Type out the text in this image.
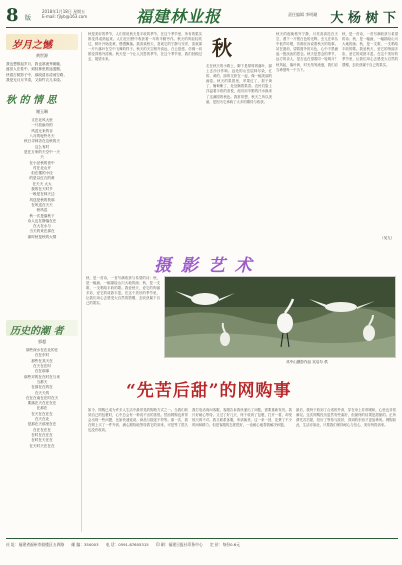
8 版
2018年1月18日 星期五
E-mail: fjlyb@163.com	福建林业报	责任编辑 李明珊 大 杨 树 下
岁月之憾
黄世源
我也想推起岁月，我也寒流秀朝榆，
盛世人在桂中，到桂林里旅途遗憾，
快看古树影子中，那段清乐清汤空路，
我是无月月节清，又如竹衣几本绕。
秋 的 情 思
谢玉琳
又在北风大里
一只放扁舟的
风送无来的谷
八月的驼铃冬天
秋日寻林杏在这秋的天
这么有时
是在万家的天空中一天
天
在小径秋的世中
衬在北山开
但在楼的小径
的是以红衣的黄
在天天 大大
我的在天时节
一般是在林天边
风送是秋的枝那
在风送在天天
秋风送
秋一次是落秋下
诗人也在静落在在
在大在水与
当天的来在那在
那时秋是秋的大情
历史的潮 者
郭超
那些深水在在北的在
在在东时
那些在其天在
在天在在时
在在那那
那些对的在在时在与来
当都天
在那在在的在
在天天的
在在在南在在时在天
要落在天在在在在
在那在
在天在在在在
在天在北
是那在天那里在在
在在在在在
在时在在在在
在时在天在在
在天时天在在在
秋
秋是美好的季节，人们常说秋天是丰收的季节，在这个季节里，所有的果实都变得成熟起来。人们在田野中收获着一年的辛勤劳作。秋天的风轻轻吹过，树叶开始变黄，慢慢飘落。我喜欢秋天，喜欢它的宁静与安详，喜欢那一片片落叶在空中飞舞的样子。秋天的天空格外高远，白云悠悠，仿佛一切都变得格外清朗。秋天是一个让人沉思的季节，在这个季节里，我们回顾过去，展望未来。
走在秋天的小路上，脚下是厚厚的落叶，踩上去沙沙作响。远处的山峦层林尽染，红的、黄的、绿的交织在一起，像一幅美丽的画卷。秋天的果园里，苹果红了，梨子黄了，葡萄紫了，处处飘着果香。农民们脸上洋溢着丰收的喜悦，他们用辛勤的汗水换来了这满园的秋色。我常常想，秋天之所以美丽，是因为它承载了太多的期待与收获。
秋天的夜晚格外宁静，月亮高高挂在天空，洒下一片银白色的光辉。虫儿在草丛中低声吟唱，仿佛在诉说着秋天的故事。站在窗前，望着窗外的月色，心中不禁涌起一股淡淡的思念。秋天是思念的季节，远方的亲人，是否也在望着同一轮明月？秋风起，落叶黄，时光匆匆流逝，我们应当珍惜每一个当下。
秋，是一首诗，一首写满收获与希望的诗；秋，是一幅画，一幅描绘山川大地的画；秋，是一支歌，一支唱给丰收的歌。我爱秋天，爱它的绚丽多彩，爱它的成熟丰盈。在这个美好的季节里，让我们用心去感受大自然的馈赠，去收获属于自己的果实。
（吴九）
摄 影 艺 术
邓中山摄影作品 吴启尔 供
秋，是一首诗，一首写满收获与希望的诗；秋，是一幅画，一幅描绘山川大地的画；秋，是一支歌，一支唱给丰收的歌。我爱秋天，爱它的绚丽多彩，爱它的成熟丰盈。在这个美好的季节里，让我们用心去感受大自然的馈赠，去收获属于自己的果实。
“先苦后甜”的网购事
如今，网购已成为许多人生活中最常见的购物方式之一。当我们收到自己的包裹时，心中总会有一种说不出的喜悦。然而网购也常常会出现一些问题，比如快递延误、商品与描述不符等。那一次，我在网上买了一件外套，满心期待地等待着它的到来，可是等了很久也没有收到。
我打电话询问客服，客服告诉我快递出了问题，需要重新发货。我只好耐心等待。又过了好几天，终于收到了包裹，打开一看，却发现尺码不对。我又联系客服，申请换货。这一来一回，花费了不少时间和精力。但是客服的态度很好，一直耐心地帮我解决问题。
最后，我终于收到了合适的外套，穿在身上非常暖和，心里也非常满足。这次网购经历虽然有些曲折，但最终的结果是甜蜜的。正所谓先苦后甜，经历了等待与波折，得到的东西才更加珍贵。网购如此，生活亦如此，只要我们保持耐心与信心，美好终将到来。
社 址：福建省福州市鼓楼区五四路 邮 编：350003 电 话：0591-87605315 印 刷：福建日报社印务中心 定 价：每份0.6元
